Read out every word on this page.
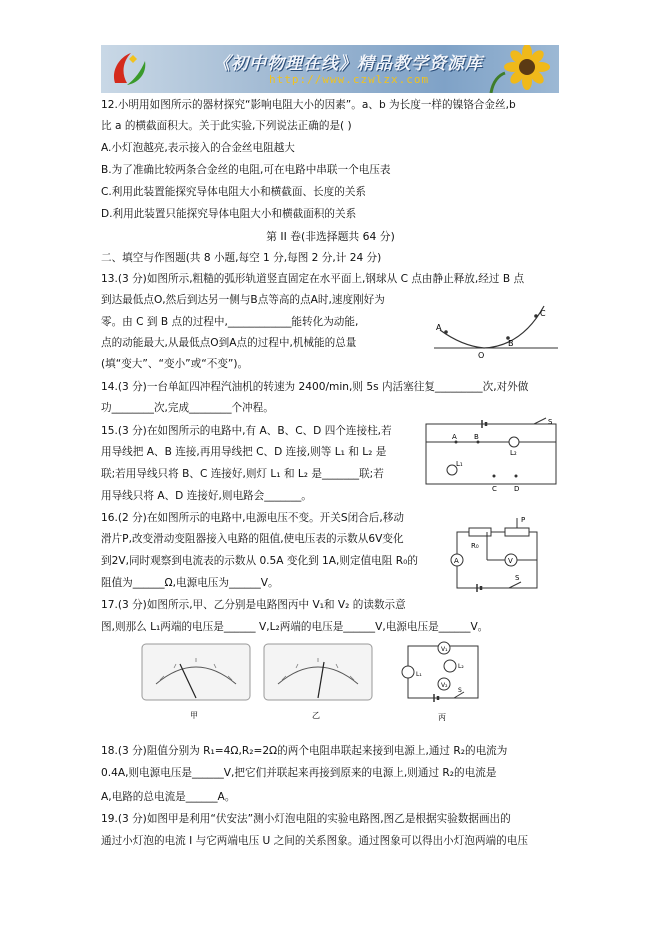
《初中物理在线》精品教学资源库
http://www.czwlzx.com
12.小明用如图所示的器材探究“影响电阻大小的因素”。a、b 为长度一样的镍铬合金丝,b
比 a 的横截面积大。关于此实验,下列说法正确的是( )
A.小灯泡越亮,表示接入的合金丝电阻越大
B.为了准确比较两条合金丝的电阻,可在电路中串联一个电压表
C.利用此装置能探究导体电阻大小和横截面、长度的关系
D.利用此装置只能探究导体电阻大小和横截面积的关系
第 II 卷(非选择题共 64 分)
二、填空与作图题(共 8 小题,每空 1 分,每图 2 分,计 24 分)
13.(3 分)如图所示,粗糙的弧形轨道竖直固定在水平面上,钢球从 C 点由静止释放,经过 B 点
到达最低点O,然后到达另一侧与B点等高的点A时,速度刚好为
零。由 C 到 B 点的过程中,____________能转化为动能,
点的动能最大,从最低点O到A点的过程中,机械能的总量
(填“变大”、“变小”或“不变”)。
14.(3 分)一台单缸四冲程汽油机的转速为 2400/min,则 5s 内活塞往复_________次,对外做
功________次,完成________个冲程。
15.(3 分)在如图所示的电路中,有 A、B、C、D 四个连接柱,若
用导线把 A、B 连接,再用导线把 C、D 连接,则等 L₁ 和 L₂ 是
联;若用导线只将 B、C 连接好,则灯 L₁ 和 L₂ 是_______联;若
用导线只将 A、D 连接好,则电路会_______。
16.(2 分)在如图所示的电路中,电源电压不变。开关S闭合后,移动
滑片P,改变滑动变阻器接入电路的阻值,使电压表的示数从6V变化
到2V,同时观察到电流表的示数从 0.5A 变化到 1A,则定值电阻 R₀的
阻值为______Ω,电源电压为______V。
17.(3 分)如图所示,甲、乙分别是电路图丙中 V₁和 V₂ 的读数示意
图,则那么 L₁两端的电压是______ V,L₂两端的电压是______V,电源电压是______V。
18.(3 分)阻值分别为 R₁=4Ω,R₂=2Ω的两个电阻串联起来接到电源上,通过 R₂的电流为
0.4A,则电源电压是______V,把它们并联起来再接到原来的电源上,则通过 R₂的电流是
A,电路的总电流是______A。
19.(3 分)如图甲是利用“伏安法”测小灯泡电阻的实验电路图,图乙是根据实验数据画出的
通过小灯泡的电流 I 与它两端电压 U 之间的关系图象。通过图象可以得出小灯泡两端的电压
A
B
C
O
S
L₂
L₁
A B
C D
R₀
P
A	V
S
甲	乙
V₁
L₁
L₂
V₂
S
丙
